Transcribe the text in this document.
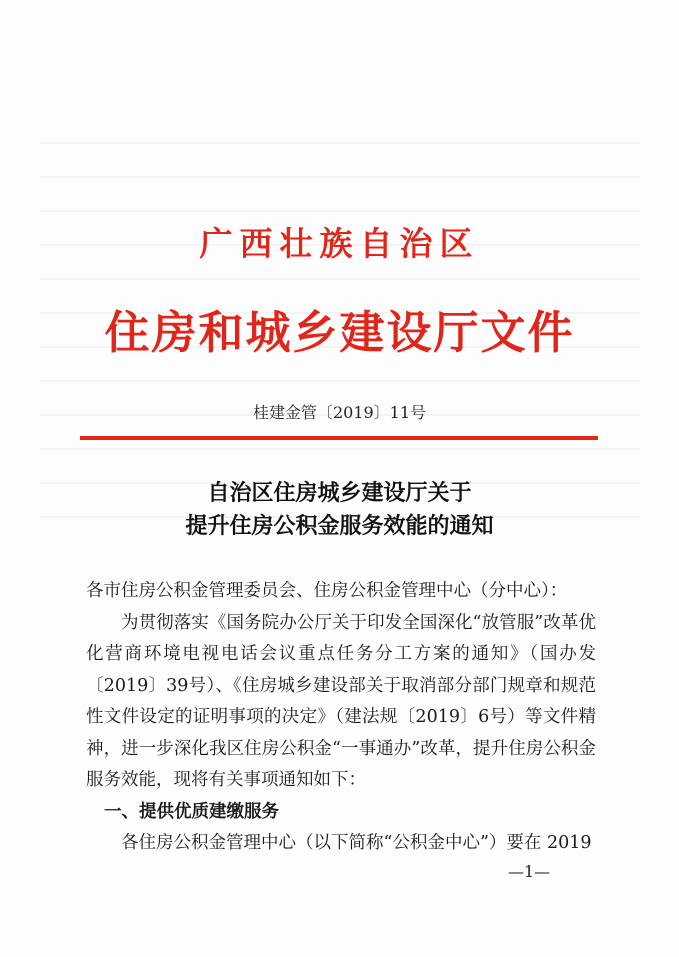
广西壮族自治区
住房和城乡建设厅文件
桂建金管〔2019〕11号
自治区住房城乡建设厅关于
提升住房公积金服务效能的通知

各市住房公积金管理委员会、住房公积金管理中心（分中心）：

为贯彻落实《国务院办公厅关于印发全国深化“放管服”改革优化营商环境电视电话会议重点任务分工方案的通知》（国办发〔2019〕39号）、《住房城乡建设部关于取消部分部门规章和规范性文件设定的证明事项的决定》（建法规〔2019〕6号）等文件精神，进一步深化我区住房公积金“一事通办”改革，提升住房公积金服务效能，现将有关事项通知如下：

一、提供优质建缴服务

各住房公积金管理中心（以下简称“公积金中心”）要在 2019

—1—
